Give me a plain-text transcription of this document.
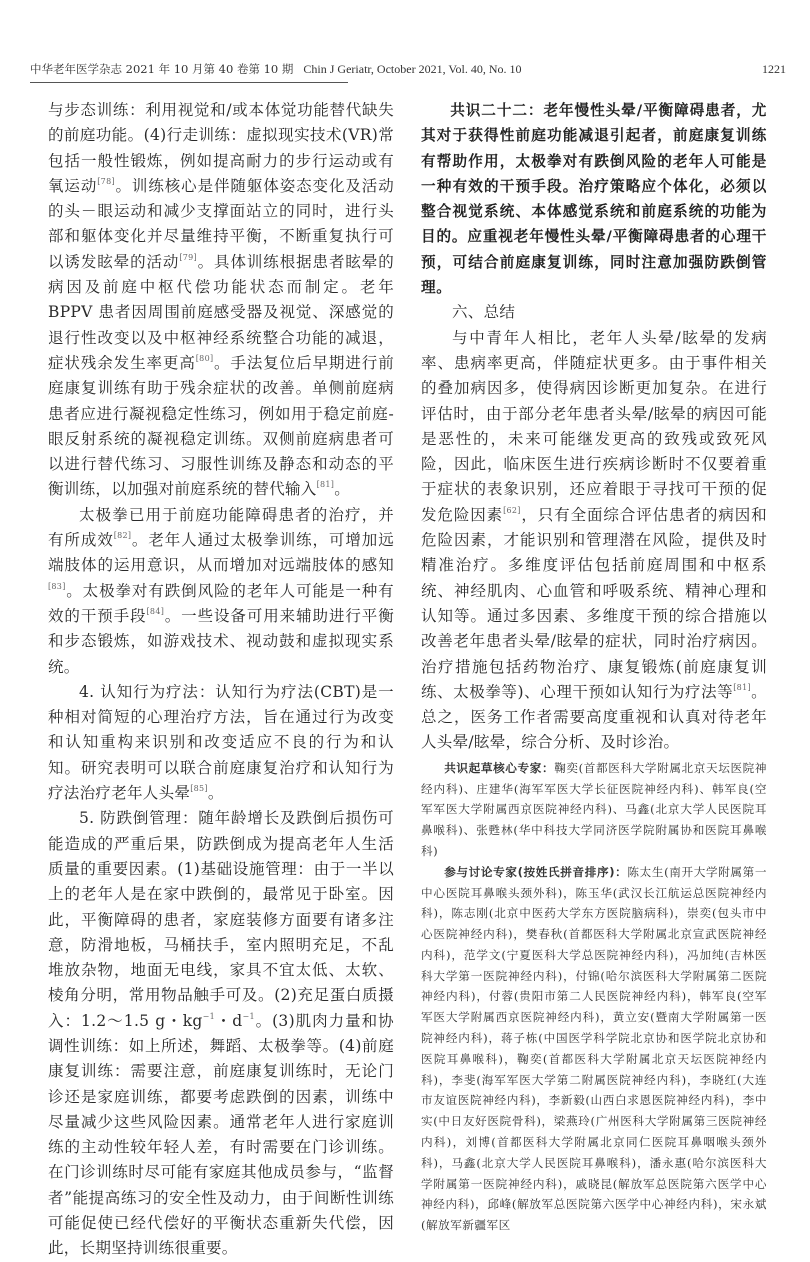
中华老年医学杂志 2021 年 10 月第 40 卷第 10 期 Chin J Geriatr, October 2021, Vol. 40, No. 10	1221

与步态训练：利用视觉和/或本体觉功能替代缺失的前庭功能。(4)行走训练：虚拟现实技术(VR)常包括一般性锻炼，例如提高耐力的步行运动或有氧运动[78]。训练核心是伴随躯体姿态变化及活动的头－眼运动和减少支撑面站立的同时，进行头部和躯体变化并尽量维持平衡，不断重复执行可以诱发眩晕的活动[79]。具体训练根据患者眩晕的病因及前庭中枢代偿功能状态而制定。老年 BPPV 患者因周围前庭感受器及视觉、深感觉的退行性改变以及中枢神经系统整合功能的减退，症状残余发生率更高[80]。手法复位后早期进行前庭康复训练有助于残余症状的改善。单侧前庭病患者应进行凝视稳定性练习，例如用于稳定前庭-眼反射系统的凝视稳定训练。双侧前庭病患者可以进行替代练习、习服性训练及静态和动态的平衡训练，以加强对前庭系统的替代输入[81]。

太极拳已用于前庭功能障碍患者的治疗，并有所成效[82]。老年人通过太极拳训练，可增加远端肢体的运用意识，从而增加对远端肢体的感知[83]。太极拳对有跌倒风险的老年人可能是一种有效的干预手段[84]。一些设备可用来辅助进行平衡和步态锻炼，如游戏技术、视动鼓和虚拟现实系统。

4. 认知行为疗法：认知行为疗法(CBT)是一种相对简短的心理治疗方法，旨在通过行为改变和认知重构来识别和改变适应不良的行为和认知。研究表明可以联合前庭康复治疗和认知行为疗法治疗老年人头晕[85]。

5. 防跌倒管理：随年龄增长及跌倒后损伤可能造成的严重后果，防跌倒成为提高老年人生活质量的重要因素。(1)基础设施管理：由于一半以上的老年人是在家中跌倒的，最常见于卧室。因此，平衡障碍的患者，家庭装修方面要有诸多注意，防滑地板，马桶扶手，室内照明充足，不乱堆放杂物，地面无电线，家具不宜太低、太软、棱角分明，常用物品触手可及。(2)充足蛋白质摄入：1.2～1.5 g・$kg^{-1}$・$d^{-1}$。(3)肌肉力量和协调性训练：如上所述，舞蹈、太极拳等。(4)前庭康复训练：需要注意，前庭康复训练时，无论门诊还是家庭训练，都要考虑跌倒的因素，训练中尽量减少这些风险因素。通常老年人进行家庭训练的主动性较年轻人差，有时需要在门诊训练。在门诊训练时尽可能有家庭其他成员参与，“监督者”能提高练习的安全性及动力，由于间断性训练可能促使已经代偿好的平衡状态重新失代偿，因此，长期坚持训练很重要。

共识二十二：老年慢性头晕/平衡障碍患者，尤其对于获得性前庭功能减退引起者，前庭康复训练有帮助作用，太极拳对有跌倒风险的老年人可能是一种有效的干预手段。治疗策略应个体化，必须以整合视觉系统、本体感觉系统和前庭系统的功能为目的。应重视老年慢性头晕/平衡障碍患者的心理干预，可结合前庭康复训练，同时注意加强防跌倒管理。

六、总结

与中青年人相比，老年人头晕/眩晕的发病率、患病率更高，伴随症状更多。由于事件相关的叠加病因多，使得病因诊断更加复杂。在进行评估时，由于部分老年患者头晕/眩晕的病因可能是恶性的，未来可能继发更高的致残或致死风险，因此，临床医生进行疾病诊断时不仅要着重于症状的表象识别，还应着眼于寻找可干预的促发危险因素[62]，只有全面综合评估患者的病因和危险因素，才能识别和管理潜在风险，提供及时精准治疗。多维度评估包括前庭周围和中枢系统、神经肌肉、心血管和呼吸系统、精神心理和认知等。通过多因素、多维度干预的综合措施以改善老年患者头晕/眩晕的症状，同时治疗病因。治疗措施包括药物治疗、康复锻炼(前庭康复训练、太极拳等)、心理干预如认知行为疗法等[81]。总之，医务工作者需要高度重视和认真对待老年人头晕/眩晕，综合分析、及时诊治。

共识起草核心专家：鞠奕(首都医科大学附属北京天坛医院神经内科)、庄建华(海军军医大学长征医院神经内科)、韩军良(空军军医大学附属西京医院神经内科)、马鑫(北京大学人民医院耳鼻喉科)、张甦林(华中科技大学同济医学院附属协和医院耳鼻喉科)

参与讨论专家(按姓氏拼音排序)：陈太生(南开大学附属第一中心医院耳鼻喉头颈外科)，陈玉华(武汉长江航运总医院神经内科)，陈志刚(北京中医药大学东方医院脑病科)，崇奕(包头市中心医院神经内科)，樊春秋(首都医科大学附属北京宣武医院神经内科)，范学文(宁夏医科大学总医院神经内科)，冯加纯(吉林医科大学第一医院神经内科)，付锦(哈尔滨医科大学附属第二医院神经内科)，付蓉(贵阳市第二人民医院神经内科)，韩军良(空军军医大学附属西京医院神经内科)，黄立安(暨南大学附属第一医院神经内科)，蒋子栋(中国医学科学院北京协和医学院北京协和医院耳鼻喉科)，鞠奕(首都医科大学附属北京天坛医院神经内科)，李斐(海军军医大学第二附属医院神经内科)，李晓红(大连市友谊医院神经内科)，李新毅(山西白求恩医院神经内科)，李中实(中日友好医院骨科)，梁燕玲(广州医科大学附属第三医院神经内科)，刘博(首都医科大学附属北京同仁医院耳鼻咽喉头颈外科)，马鑫(北京大学人民医院耳鼻喉科)，潘永惠(哈尔滨医科大学附属第一医院神经内科)，戚晓昆(解放军总医院第六医学中心神经内科)，邱峰(解放军总医院第六医学中心神经内科)，宋永斌(解放军新疆军区
